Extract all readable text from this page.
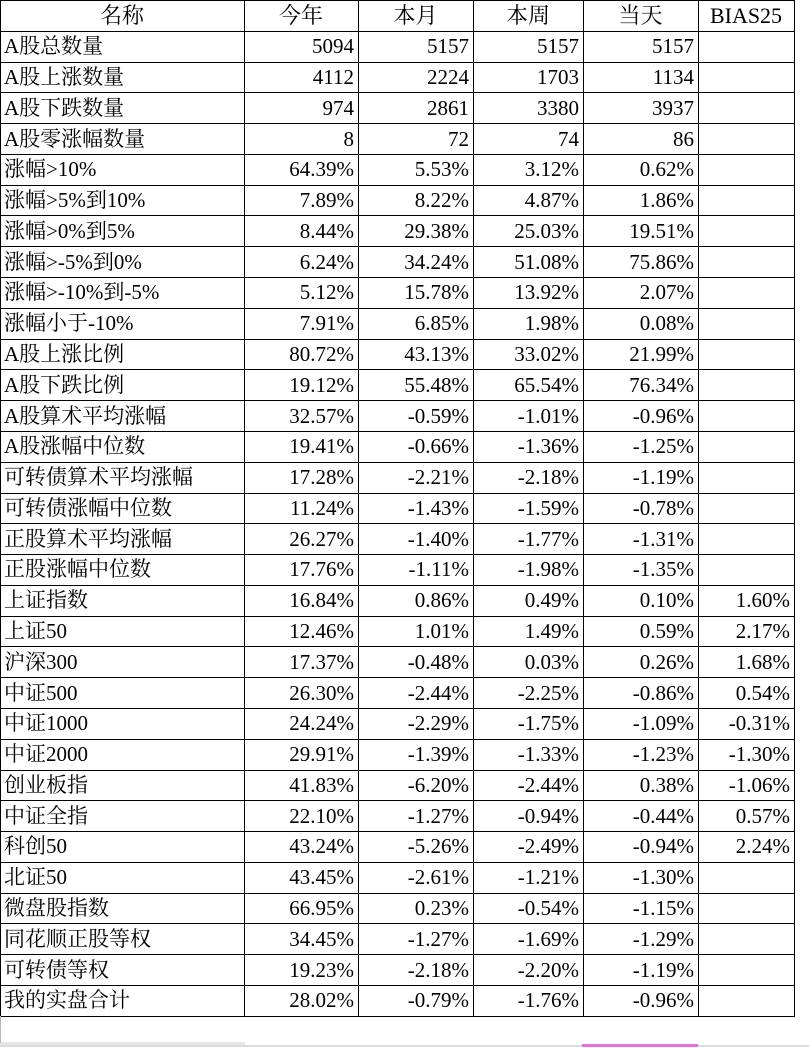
名称	今年	本月	本周	当天	BIAS25
A股总数量	5094	5157	5157	5157	
A股上涨数量	4112	2224	1703	1134	
A股下跌数量	974	2861	3380	3937	
A股零涨幅数量	8	72	74	86	
涨幅>10%	64.39%	5.53%	3.12%	0.62%	
涨幅>5%到10%	7.89%	8.22%	4.87%	1.86%	
涨幅>0%到5%	8.44%	29.38%	25.03%	19.51%	
涨幅>-5%到0%	6.24%	34.24%	51.08%	75.86%	
涨幅>-10%到-5%	5.12%	15.78%	13.92%	2.07%	
涨幅小于-10%	7.91%	6.85%	1.98%	0.08%	
A股上涨比例	80.72%	43.13%	33.02%	21.99%	
A股下跌比例	19.12%	55.48%	65.54%	76.34%	
A股算术平均涨幅	32.57%	-0.59%	-1.01%	-0.96%	
A股涨幅中位数	19.41%	-0.66%	-1.36%	-1.25%	
可转债算术平均涨幅	17.28%	-2.21%	-2.18%	-1.19%	
可转债涨幅中位数	11.24%	-1.43%	-1.59%	-0.78%	
正股算术平均涨幅	26.27%	-1.40%	-1.77%	-1.31%	
正股涨幅中位数	17.76%	-1.11%	-1.98%	-1.35%	
上证指数	16.84%	0.86%	0.49%	0.10%	1.60%
上证50	12.46%	1.01%	1.49%	0.59%	2.17%
沪深300	17.37%	-0.48%	0.03%	0.26%	1.68%
中证500	26.30%	-2.44%	-2.25%	-0.86%	0.54%
中证1000	24.24%	-2.29%	-1.75%	-1.09%	-0.31%
中证2000	29.91%	-1.39%	-1.33%	-1.23%	-1.30%
创业板指	41.83%	-6.20%	-2.44%	0.38%	-1.06%
中证全指	22.10%	-1.27%	-0.94%	-0.44%	0.57%
科创50	43.24%	-5.26%	-2.49%	-0.94%	2.24%
北证50	43.45%	-2.61%	-1.21%	-1.30%	
微盘股指数	66.95%	0.23%	-0.54%	-1.15%	
同花顺正股等权	34.45%	-1.27%	-1.69%	-1.29%	
可转债等权	19.23%	-2.18%	-2.20%	-1.19%	
我的实盘合计	28.02%	-0.79%	-1.76%	-0.96%	
